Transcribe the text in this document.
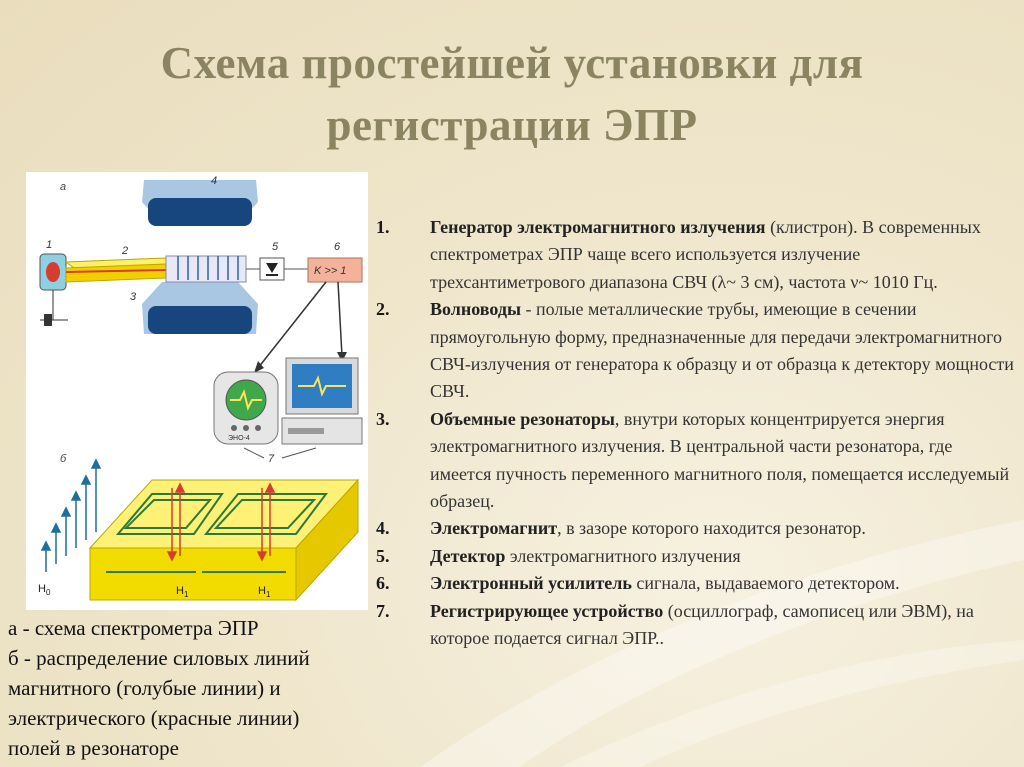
Схема простейшей установки для
регистрации ЭПР
а	4
1	2
3
5
K >> 1
6
ЭНО-4
7
б
$H_0$	$H_1$	$H_1$
а - схема спектрометра ЭПР
б - распределение силовых линий
магнитного (голубые линии) и
электрического (красные линии)
полей в резонаторе
1. Генератор электромагнитного излучения (клистрон). В современных спектрометрах ЭПР чаще всего используется излучение трехсантиметрового диапазона СВЧ (λ~ 3 см), частота ν~ 1010 Гц.
2. Волноводы - полые металлические трубы, имеющие в сечении прямоугольную форму, предназначенные для передачи электромагнитного СВЧ-излучения от генератора к образцу и от образца к детектору мощности СВЧ.
3. Объемные резонаторы, внутри которых концентрируется энергия электромагнитного излучения. В центральной части резонатора, где имеется пучность переменного магнитного поля, помещается исследуемый образец.
4. Электромагнит, в зазоре которого находится резонатор.
5. Детектор электромагнитного излучения
6. Электронный усилитель сигнала, выдаваемого детектором.
7. Регистрирующее устройство (осциллограф, самописец или ЭВМ), на которое подается сигнал ЭПР..
